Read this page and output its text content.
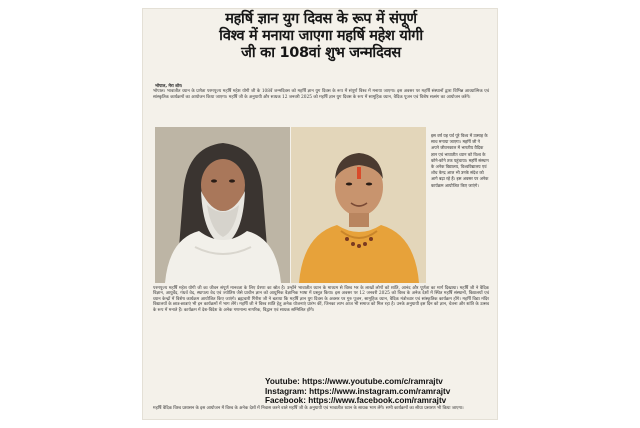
महर्षि ज्ञान युग दिवस के रूप में संपूर्ण
विश्व में मनाया जाएगा महर्षि महेश योगी
जी का 108वां शुभ जन्मदिवस
भोपाल, मेरा शोर।
भोपाल। भावातीत ध्यान के प्रणेता परमपूज्य महर्षि महेश योगी जी के 108वें जन्मदिवस को महर्षि ज्ञान युग दिवस के रूप में संपूर्ण विश्व में मनाया जाएगा। इस अवसर पर महर्षि संस्थानों द्वारा विभिन्न आध्यात्मिक एवं सांस्कृतिक कार्यक्रमों का आयोजन किया जाएगा। महर्षि जी के अनुयायी और साधक 12 जनवरी 2025 को महर्षि ज्ञान युग दिवस के रूप में सामूहिक ध्यान, वैदिक पूजन एवं विशेष सत्संग का आयोजन करेंगे।
इस वर्ष यह पर्व पूरे विश्व में उत्साह के साथ मनाया जाएगा। महर्षि जी ने अपने जीवनकाल में भारतीय वैदिक ज्ञान एवं भावातीत ध्यान को विश्व के कोने-कोने तक पहुंचाया। महर्षि संस्थान के अनेक विद्यालय, विश्वविद्यालय एवं शोध केन्द्र आज भी उनके संदेश को आगे बढ़ा रहे हैं। इस अवसर पर अनेक कार्यक्रम आयोजित किए जाएंगे।
परमपूज्य महर्षि महेश योगी जी का जीवन संपूर्ण मानवता के लिए प्रेरणा का स्रोत है। उन्होंने भावातीत ध्यान के माध्यम से विश्व भर के लाखों लोगों को शांति, आनंद और पूर्णता का मार्ग दिखाया। महर्षि जी ने वैदिक विज्ञान, आयुर्वेद, गंधर्व वेद, स्थापत्य वेद एवं ज्योतिष जैसे प्राचीन ज्ञान को आधुनिक वैज्ञानिक भाषा में प्रस्तुत किया। इस अवसर पर 12 जनवरी 2025 को विश्व के अनेक देशों में स्थित महर्षि संस्थानों, विद्यालयों एवं ध्यान केन्द्रों में विशेष कार्यक्रम आयोजित किए जाएंगे। ब्रह्मचारी गिरीश जी ने बताया कि महर्षि ज्ञान युग दिवस के अवसर पर गुरु पूजन, सामूहिक ध्यान, वैदिक मंत्रोच्चार एवं सांस्कृतिक कार्यक्रम होंगे। महर्षि विद्या मंदिर विद्यालयों के छात्र-छात्राएं भी इन कार्यक्रमों में भाग लेंगे। महर्षि जी ने विश्व शांति हेतु अनेक योजनाएं प्रारंभ कीं, जिनका लाभ आज भी समाज को मिल रहा है। उनके अनुयायी इस दिन को ज्ञान, चेतना और शांति के उत्सव के रूप में मनाते हैं। कार्यक्रम में देश-विदेश के अनेक गणमान्य नागरिक, विद्वान एवं साधक सम्मिलित होंगे।
Youtube: https://www.youtube.com/c/ramrajtv
Instagram: https://www.instagram.com/ramrajtv
Facebook: https://www.facebook.com/ramrajtv
महर्षि वैदिक विश्व प्रशासन के इस आयोजन में विश्व के अनेक देशों में निवास करने वाले महर्षि जी के अनुयायी एवं भावातीत ध्यान के साधक भाग लेंगे। सभी कार्यक्रमों का सीधा प्रसारण भी किया जाएगा।
